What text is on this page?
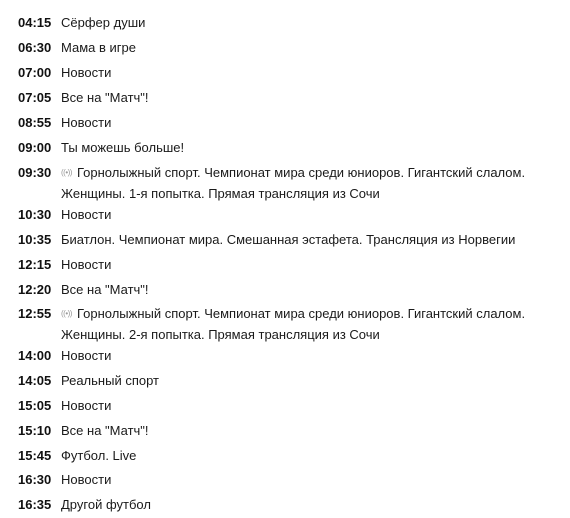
04:15 Сёрфер души
06:30 Мама в игре
07:00 Новости
07:05 Все на "Матч"!
08:55 Новости
09:00 Ты можешь больше!
09:30	((•)) Горнолыжный спорт. Чемпионат мира среди юниоров. Гигантский слалом. Женщины. 1-я попытка. Прямая трансляция из Сочи
10:30 Новости
10:35 Биатлон. Чемпионат мира. Смешанная эстафета. Трансляция из Норвегии
12:15 Новости
12:20 Все на "Матч"!
12:55	((•)) Горнолыжный спорт. Чемпионат мира среди юниоров. Гигантский слалом. Женщины. 2-я попытка. Прямая трансляция из Сочи
14:00 Новости
14:05 Реальный спорт
15:05 Новости
15:10 Все на "Матч"!
15:45 Футбол. Live
16:30 Новости
16:35 Другой футбол
